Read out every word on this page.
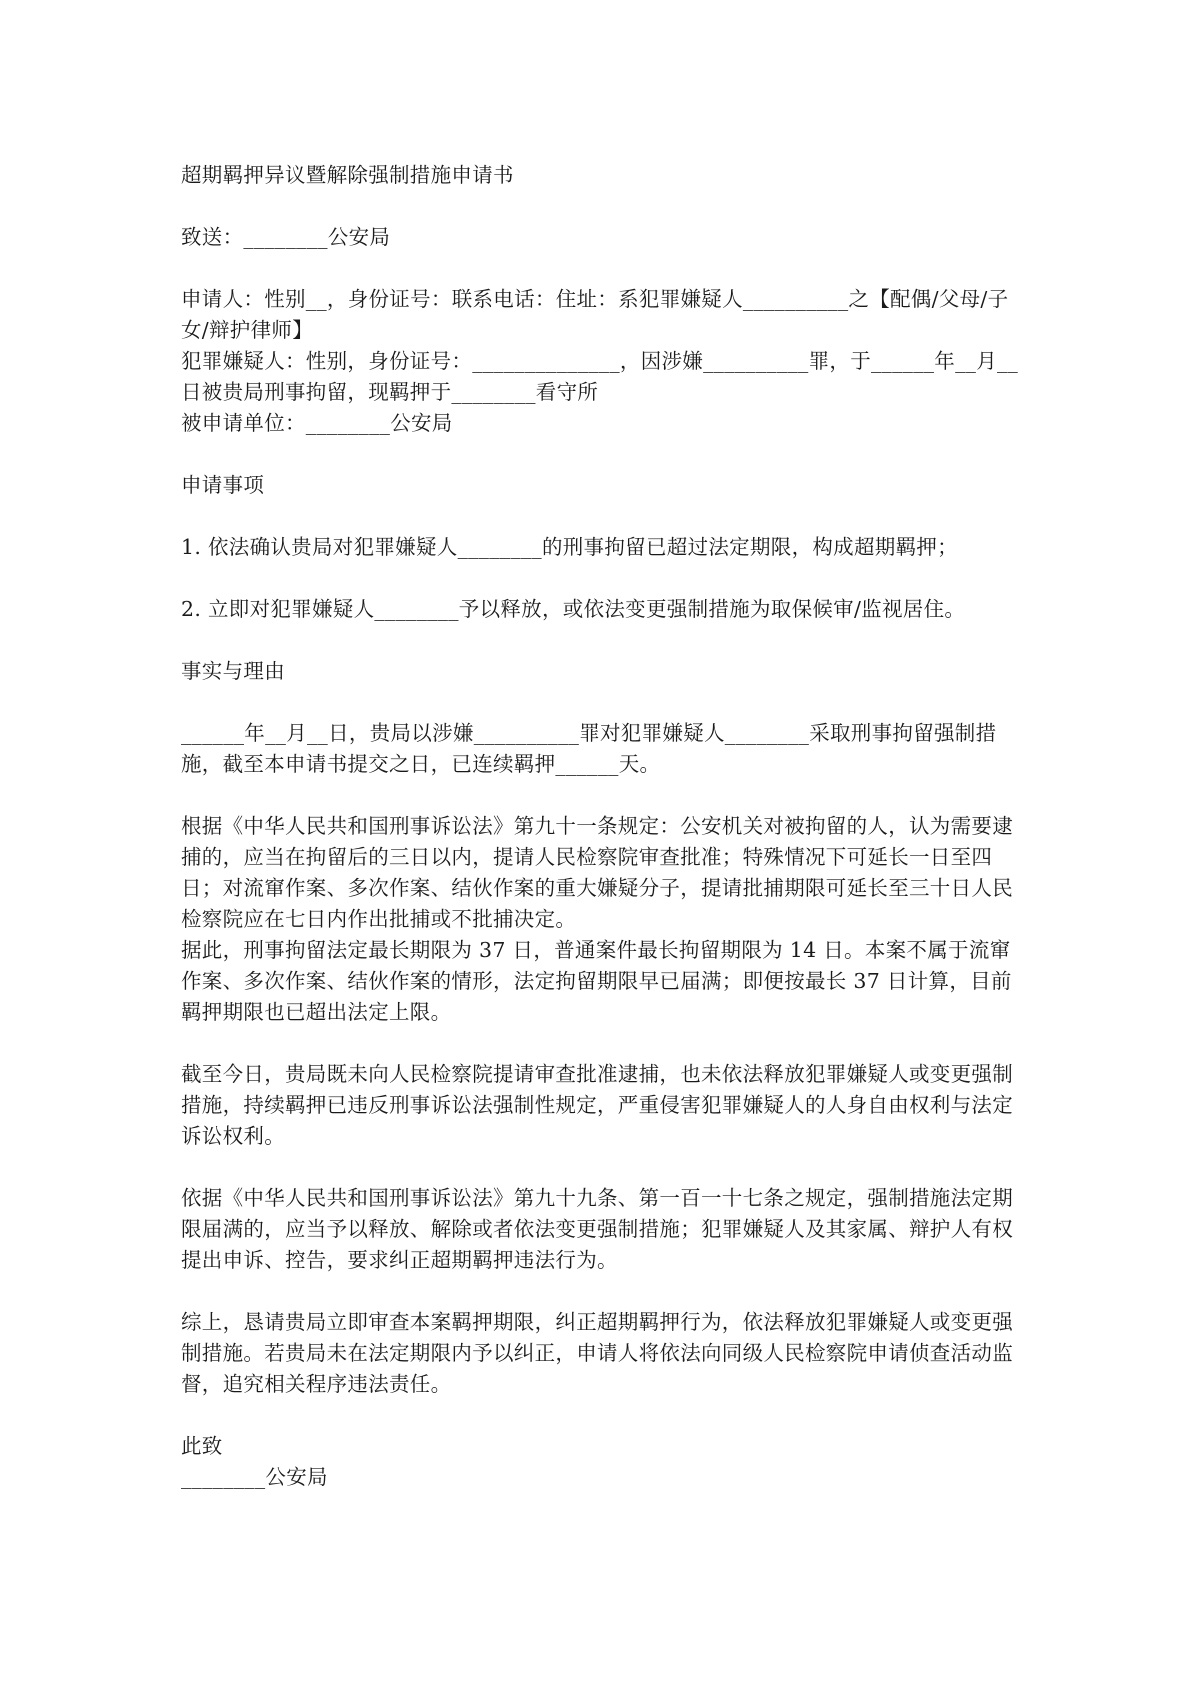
超期羁押异议暨解除强制措施申请书

致送：________公安局

申请人：性别__，身份证号：联系电话：住址：系犯罪嫌疑人__________之【配偶/父母/子女/辩护律师】

犯罪嫌疑人：性别，身份证号：______________，因涉嫌__________罪，于______年__月__日被贵局刑事拘留，现羁押于________看守所

被申请单位：________公安局

申请事项

1. 依法确认贵局对犯罪嫌疑人________的刑事拘留已超过法定期限，构成超期羁押；

2. 立即对犯罪嫌疑人________予以释放，或依法变更强制措施为取保候审/监视居住。

事实与理由

______年__月__日，贵局以涉嫌__________罪对犯罪嫌疑人________采取刑事拘留强制措施，截至本申请书提交之日，已连续羁押______天。

根据《中华人民共和国刑事诉讼法》第九十一条规定：公安机关对被拘留的人，认为需要逮捕的，应当在拘留后的三日以内，提请人民检察院审查批准；特殊情况下可延长一日至四日；对流窜作案、多次作案、结伙作案的重大嫌疑分子，提请批捕期限可延长至三十日人民检察院应在七日内作出批捕或不批捕决定。

据此，刑事拘留法定最长期限为 37 日，普通案件最长拘留期限为 14 日。本案不属于流窜作案、多次作案、结伙作案的情形，法定拘留期限早已届满；即便按最长 37 日计算，目前羁押期限也已超出法定上限。

截至今日，贵局既未向人民检察院提请审查批准逮捕，也未依法释放犯罪嫌疑人或变更强制措施，持续羁押已违反刑事诉讼法强制性规定，严重侵害犯罪嫌疑人的人身自由权利与法定诉讼权利。

依据《中华人民共和国刑事诉讼法》第九十九条、第一百一十七条之规定，强制措施法定期限届满的，应当予以释放、解除或者依法变更强制措施；犯罪嫌疑人及其家属、辩护人有权提出申诉、控告，要求纠正超期羁押违法行为。

综上，恳请贵局立即审查本案羁押期限，纠正超期羁押行为，依法释放犯罪嫌疑人或变更强制措施。若贵局未在法定期限内予以纠正，申请人将依法向同级人民检察院申请侦查活动监督，追究相关程序违法责任。

此致

________公安局
